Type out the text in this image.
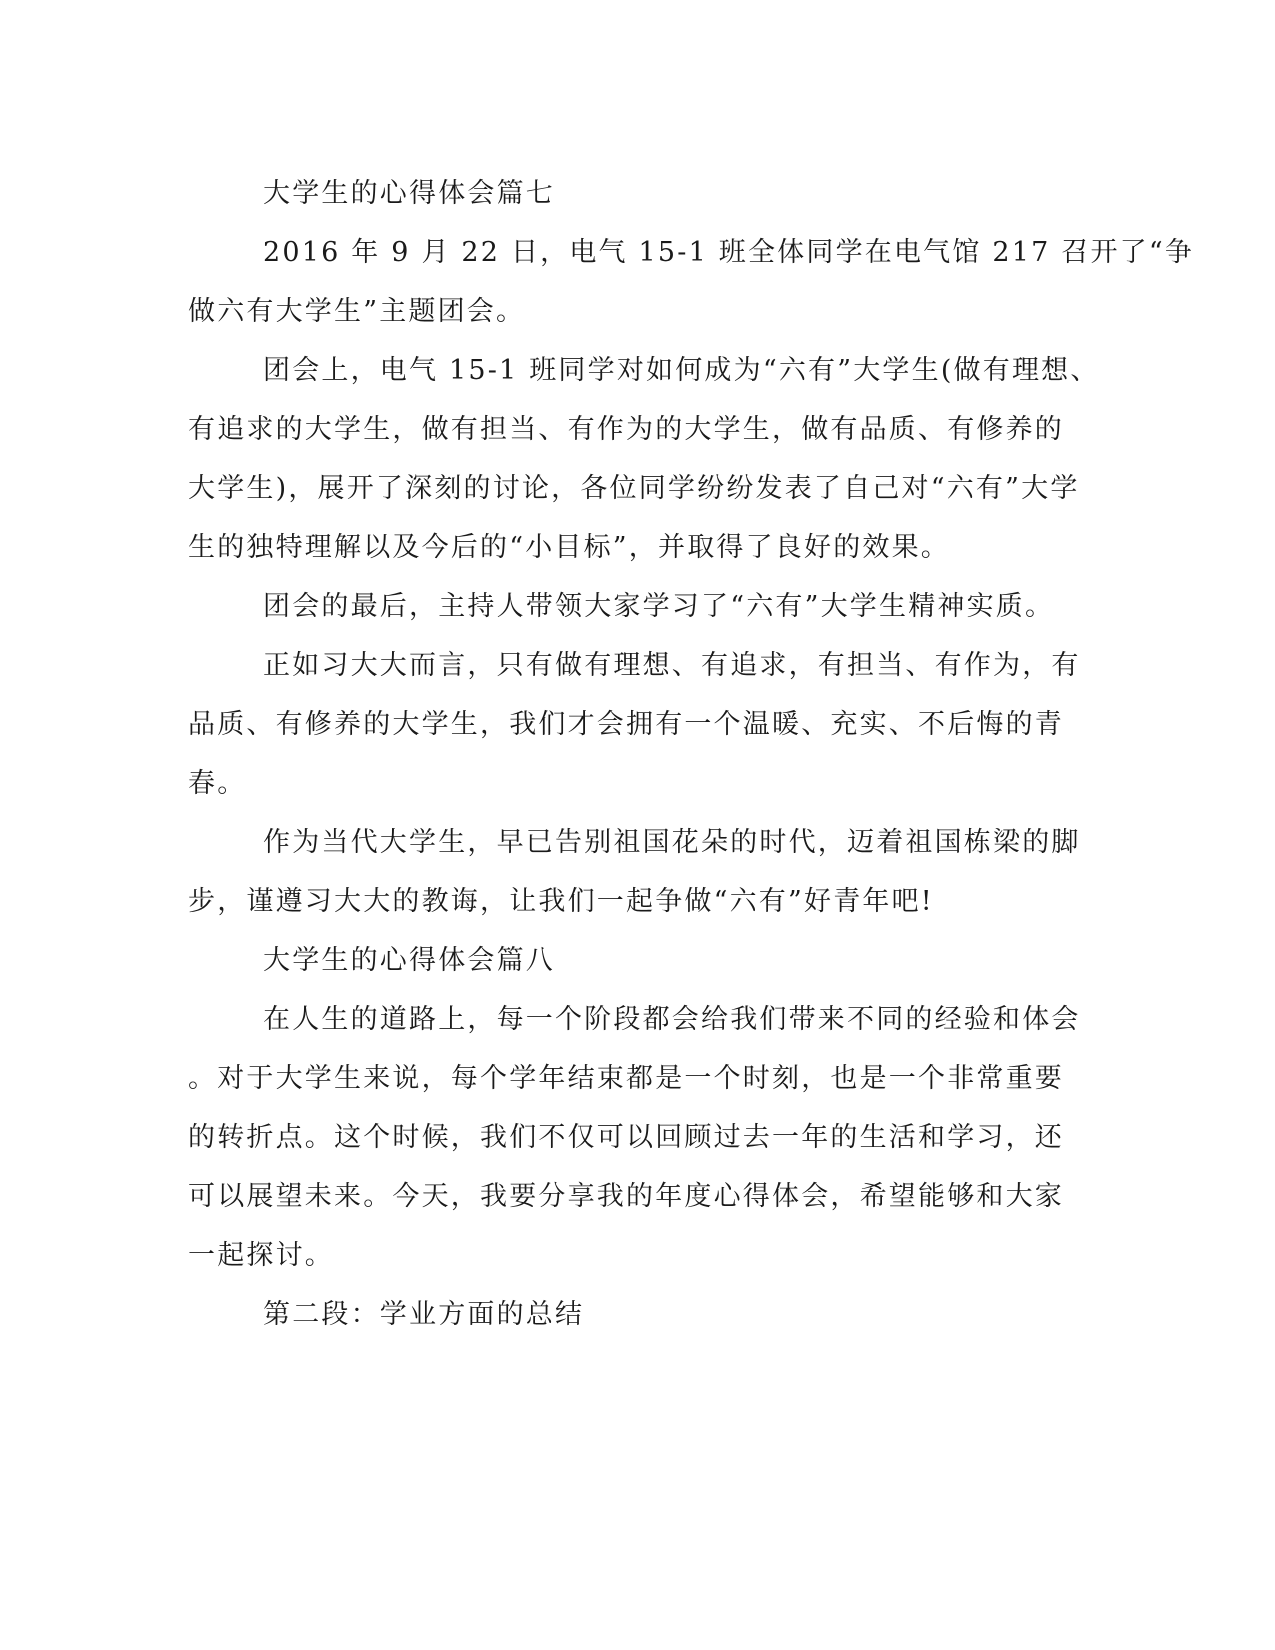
大学生的心得体会篇七
2016 年 9 月 22 日，电气 15-1 班全体同学在电气馆 217 召开了“争
做六有大学生”主题团会。
团会上，电气 15-1 班同学对如何成为“六有”大学生(做有理想、
有追求的大学生，做有担当、有作为的大学生，做有品质、有修养的
大学生)，展开了深刻的讨论，各位同学纷纷发表了自己对“六有”大学
生的独特理解以及今后的“小目标”，并取得了良好的效果。
团会的最后，主持人带领大家学习了“六有”大学生精神实质。
正如习大大而言，只有做有理想、有追求，有担当、有作为，有
品质、有修养的大学生，我们才会拥有一个温暖、充实、不后悔的青
春。
作为当代大学生，早已告别祖国花朵的时代，迈着祖国栋梁的脚
步，谨遵习大大的教诲，让我们一起争做“六有”好青年吧!
大学生的心得体会篇八
在人生的道路上，每一个阶段都会给我们带来不同的经验和体会
。对于大学生来说，每个学年结束都是一个时刻，也是一个非常重要
的转折点。这个时候，我们不仅可以回顾过去一年的生活和学习，还
可以展望未来。今天，我要分享我的年度心得体会，希望能够和大家
一起探讨。
第二段：学业方面的总结
